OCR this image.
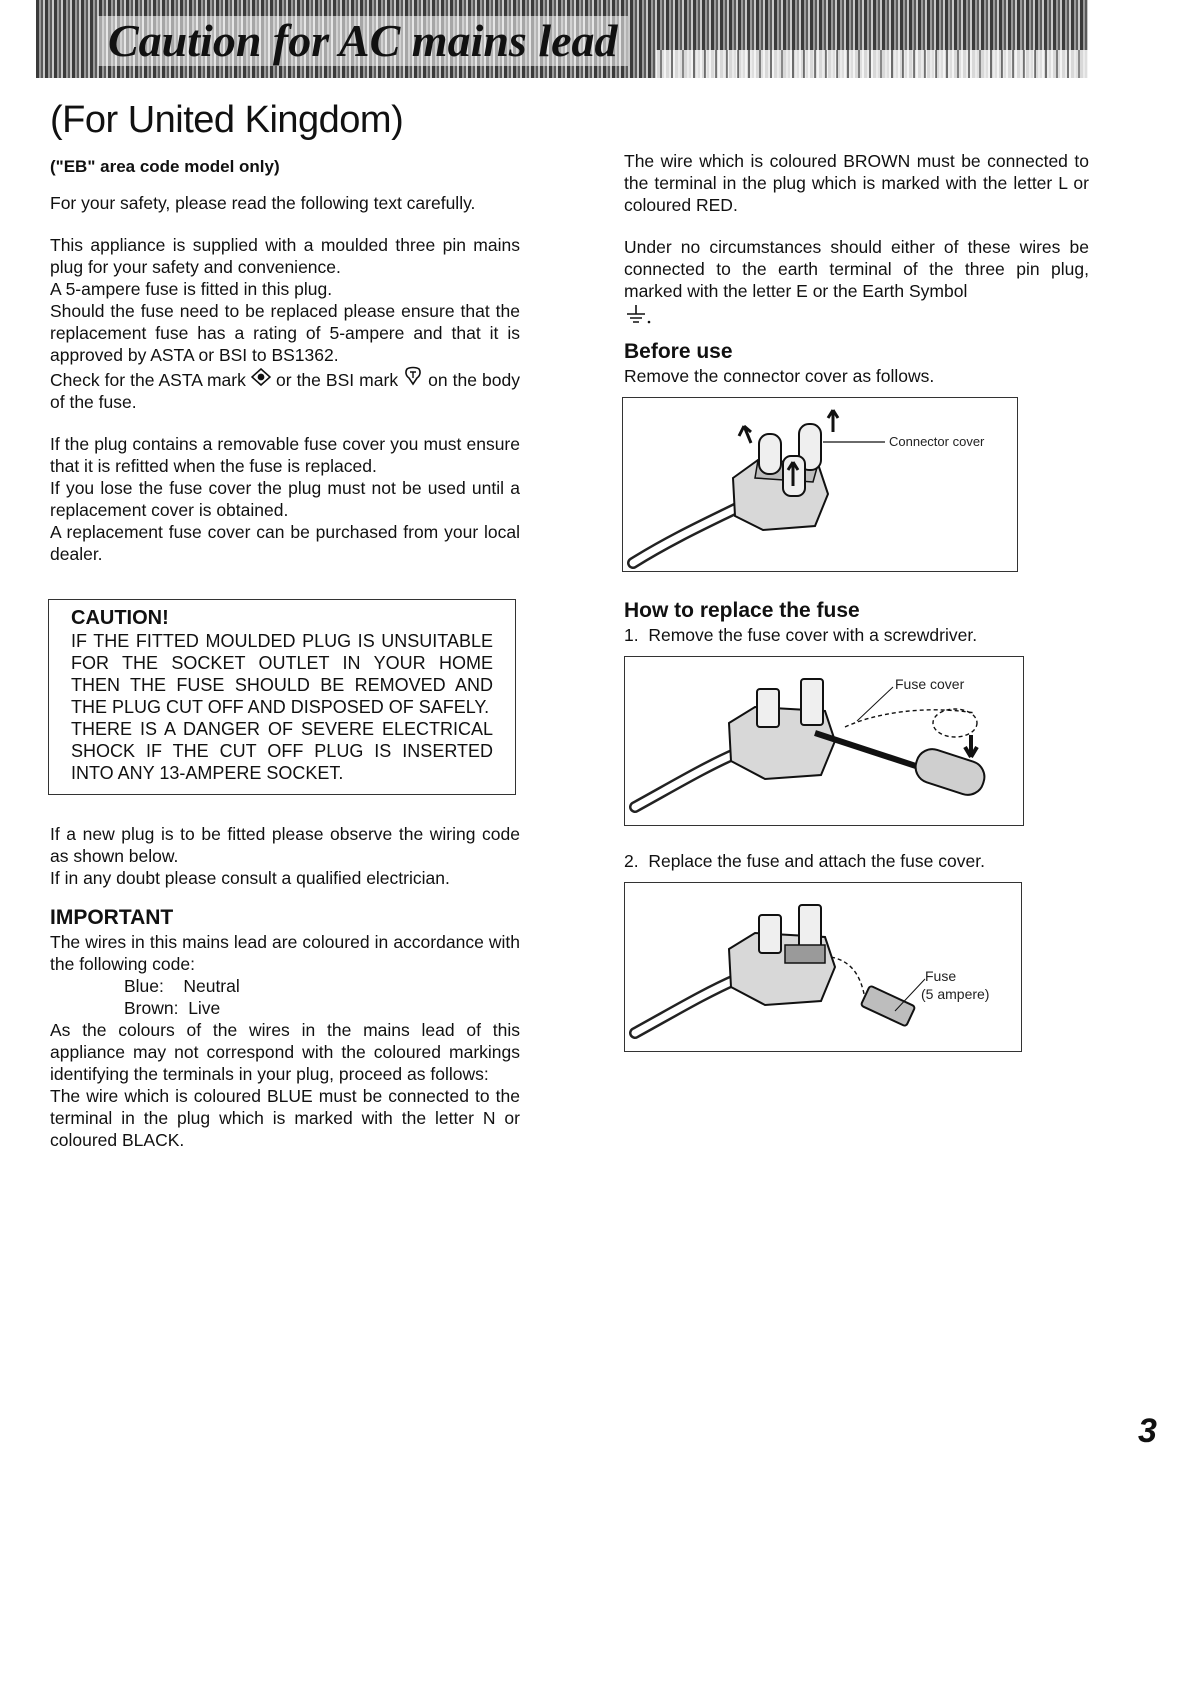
Caution for AC mains lead
(For United Kingdom)

("EB" area code model only)

For your safety, please read the following text carefully.

This appliance is supplied with a moulded three pin mains plug for your safety and convenience.

A 5-ampere fuse is fitted in this plug.

Should the fuse need to be replaced please ensure that the replacement fuse has a rating of 5-ampere and that it is approved by ASTA or BSI to BS1362.

Check for the ASTA mark or the BSI mark on the body of the fuse.

If the plug contains a removable fuse cover you must ensure that it is refitted when the fuse is replaced.

If you lose the fuse cover the plug must not be used until a replacement cover is obtained.

A replacement fuse cover can be purchased from your local dealer.

CAUTION!

IF THE FITTED MOULDED PLUG IS UNSUITABLE FOR THE SOCKET OUTLET IN YOUR HOME THEN THE FUSE SHOULD BE REMOVED AND THE PLUG CUT OFF AND DISPOSED OF SAFELY.

THERE IS A DANGER OF SEVERE ELECTRICAL SHOCK IF THE CUT OFF PLUG IS INSERTED INTO ANY 13-AMPERE SOCKET.

If a new plug is to be fitted please observe the wiring code as shown below.

If in any doubt please consult a qualified electrician.

IMPORTANT

The wires in this mains lead are coloured in accordance with the following code:

Blue:    Neutral

Brown:  Live

As the colours of the wires in the mains lead of this appliance may not correspond with the coloured markings identifying the terminals in your plug, proceed as follows:

The wire which is coloured BLUE must be connected to the terminal in the plug which is marked with the letter N or coloured BLACK.

The wire which is coloured BROWN must be connected to the terminal in the plug which is marked with the letter L or coloured RED.

Under no circumstances should either of these wires be connected to the earth terminal of the three pin plug, marked with the letter E or the Earth Symbol

Before use

Remove the connector cover as follows.

Connector cover

How to replace the fuse

1.  Remove the fuse cover with a screwdriver.

Fuse cover

2.  Replace the fuse and attach the fuse cover.

Fuse
(5 ampere)

3
